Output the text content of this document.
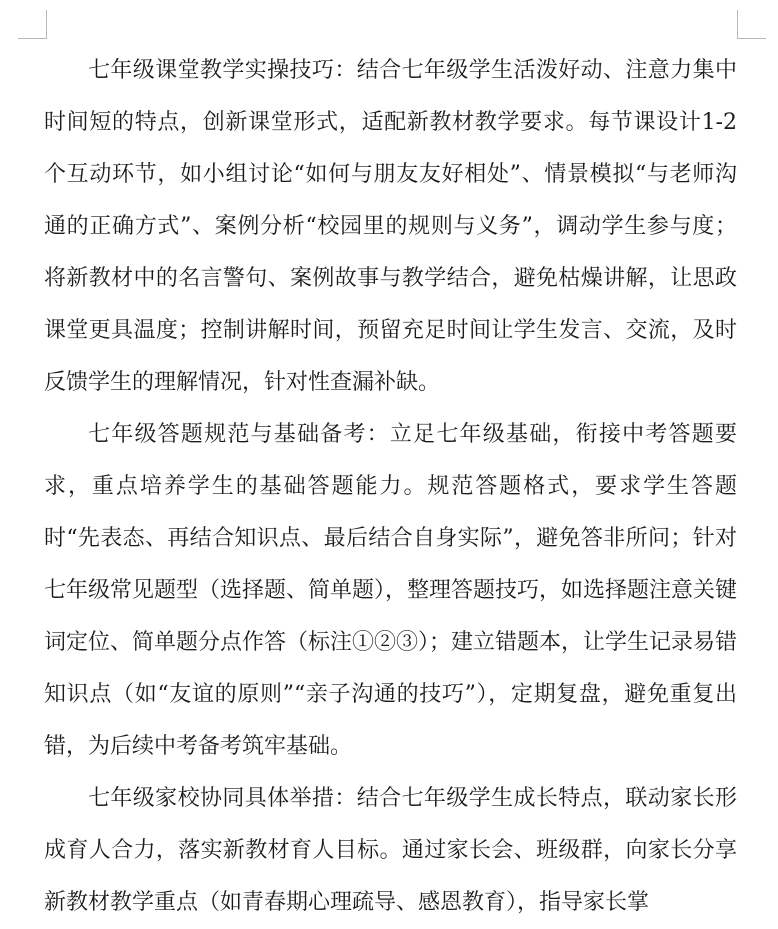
七年级课堂教学实操技巧：结合七年级学生活泼好动、注意力集中时间短的特点，创新课堂形式，适配新教材教学要求。每节课设计1-2个互动环节，如小组讨论“如何与朋友友好相处”、情景模拟“与老师沟通的正确方式”、案例分析“校园里的规则与义务”，调动学生参与度；将新教材中的名言警句、案例故事与教学结合，避免枯燥讲解，让思政课堂更具温度；控制讲解时间，预留充足时间让学生发言、交流，及时反馈学生的理解情况，针对性查漏补缺。

七年级答题规范与基础备考：立足七年级基础，衔接中考答题要求，重点培养学生的基础答题能力。规范答题格式，要求学生答题时“先表态、再结合知识点、最后结合自身实际”，避免答非所问；针对七年级常见题型（选择题、简单题），整理答题技巧，如选择题注意关键词定位、简单题分点作答（标注①②③）；建立错题本，让学生记录易错知识点（如“友谊的原则”“亲子沟通的技巧”），定期复盘，避免重复出错，为后续中考备考筑牢基础。

七年级家校协同具体举措：结合七年级学生成长特点，联动家长形成育人合力，落实新教材育人目标。通过家长会、班级群，向家长分享新教材教学重点（如青春期心理疏导、感恩教育），指导家长掌
